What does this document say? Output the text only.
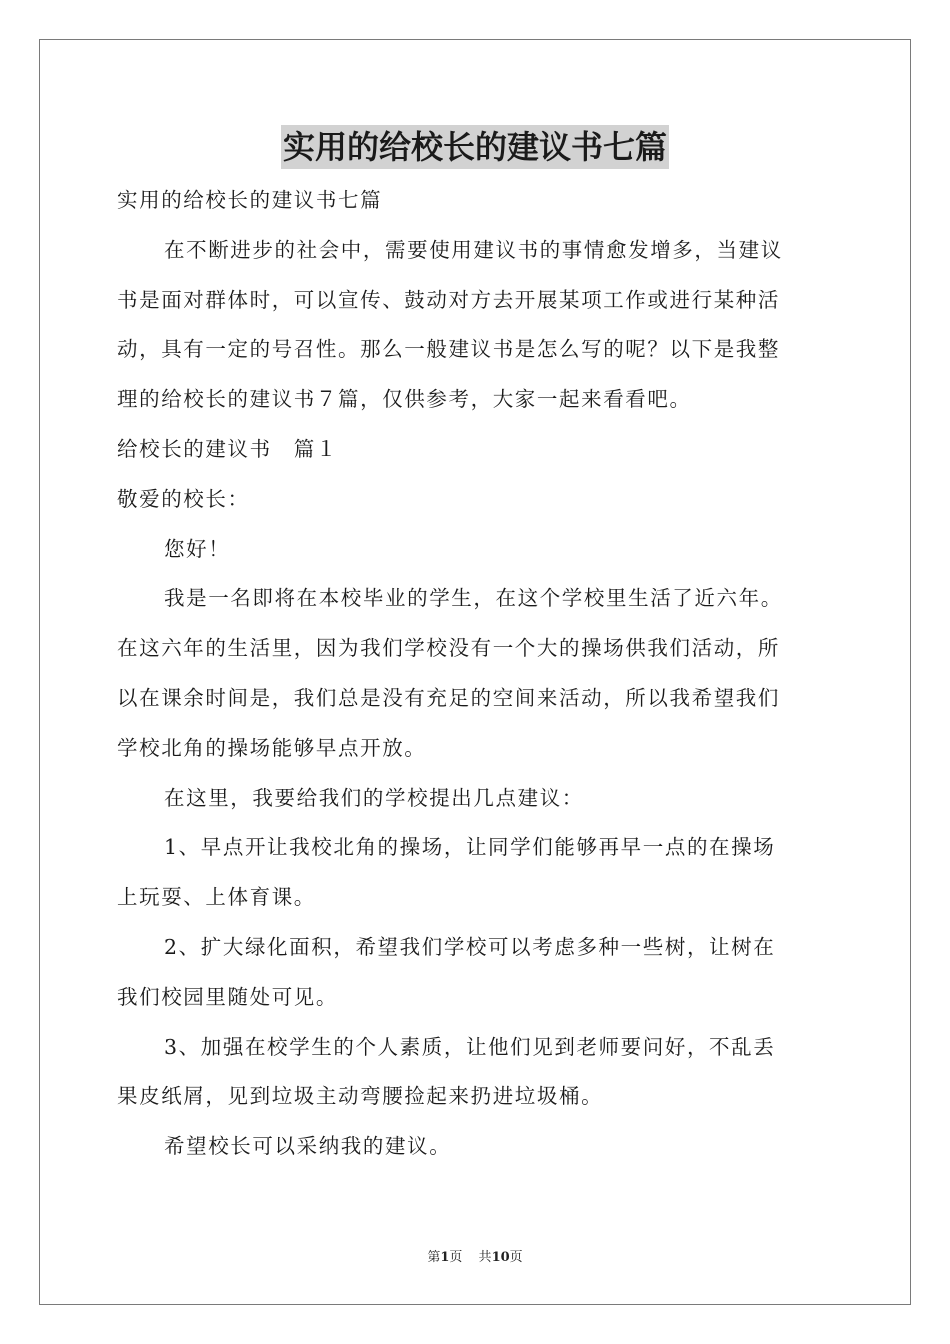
实用的给校长的建议书七篇
实用的给校长的建议书七篇
在不断进步的社会中，需要使用建议书的事情愈发增多，当建议
书是面对群体时，可以宣传、鼓动对方去开展某项工作或进行某种活
动，具有一定的号召性。那么一般建议书是怎么写的呢？以下是我整
理的给校长的建议书７篇，仅供参考，大家一起来看看吧。
给校长的建议书　篇１
敬爱的校长：
您好！
我是一名即将在本校毕业的学生，在这个学校里生活了近六年。
在这六年的生活里，因为我们学校没有一个大的操场供我们活动，所
以在课余时间是，我们总是没有充足的空间来活动，所以我希望我们
学校北角的操场能够早点开放。
在这里，我要给我们的学校提出几点建议：
1、早点开让我校北角的操场，让同学们能够再早一点的在操场
上玩耍、上体育课。
2、扩大绿化面积，希望我们学校可以考虑多种一些树，让树在
我们校园里随处可见。
3、加强在校学生的个人素质，让他们见到老师要问好，不乱丢
果皮纸屑，见到垃圾主动弯腰捡起来扔进垃圾桶。
希望校长可以采纳我的建议。
第1页 共10页
